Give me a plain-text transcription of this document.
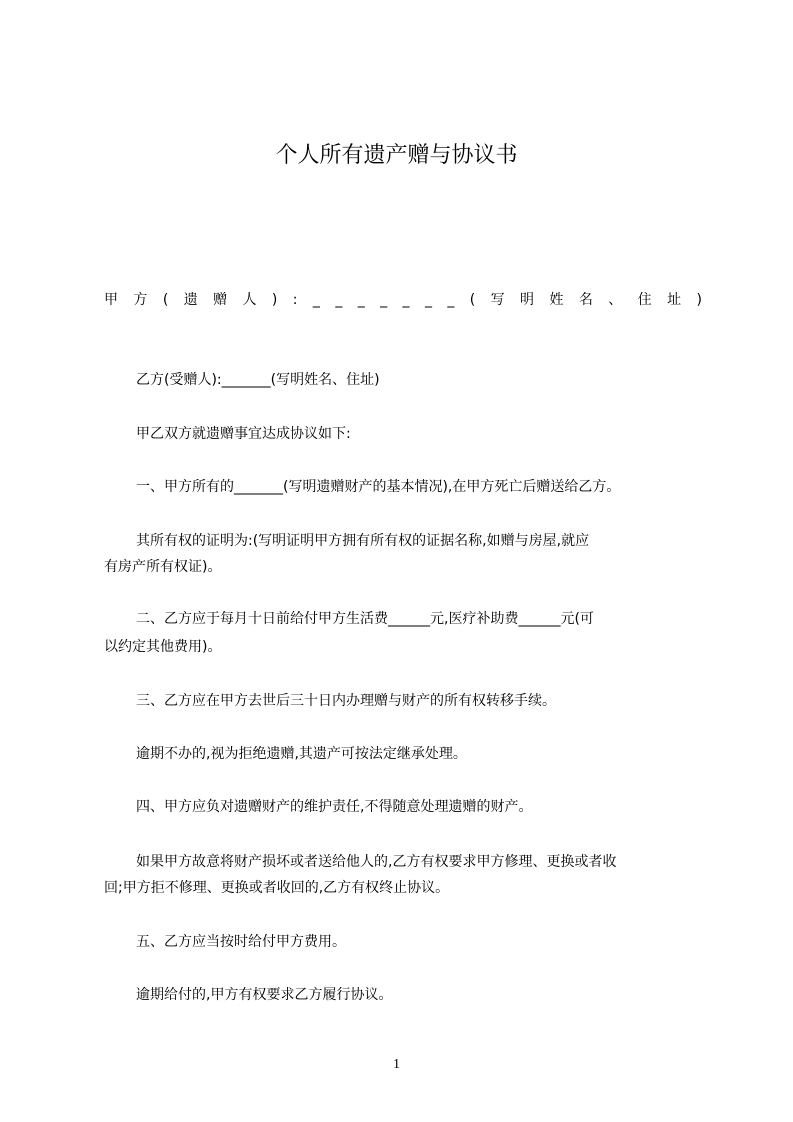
个人所有遗产赠与协议书
甲 方 ( 遗 赠 人 ) : _ _ _ _ _ _ _ ( 写 明 姓 名 、 住 址 )
乙方(受赠人):_______(写明姓名、住址)
甲乙双方就遗赠事宜达成协议如下:
一、甲方所有的_______(写明遗赠财产的基本情况),在甲方死亡后赠送给乙方。
其所有权的证明为:(写明证明甲方拥有所有权的证据名称,如赠与房屋,就应
有房产所有权证)。
二、乙方应于每月十日前给付甲方生活费______元,医疗补助费______元(可
以约定其他费用)。
三、乙方应在甲方去世后三十日内办理赠与财产的所有权转移手续。
逾期不办的,视为拒绝遗赠,其遗产可按法定继承处理。
四、甲方应负对遗赠财产的维护责任,不得随意处理遗赠的财产。
如果甲方故意将财产损坏或者送给他人的,乙方有权要求甲方修理、更换或者收
回;甲方拒不修理、更换或者收回的,乙方有权终止协议。
五、乙方应当按时给付甲方费用。
逾期给付的,甲方有权要求乙方履行协议。
1
